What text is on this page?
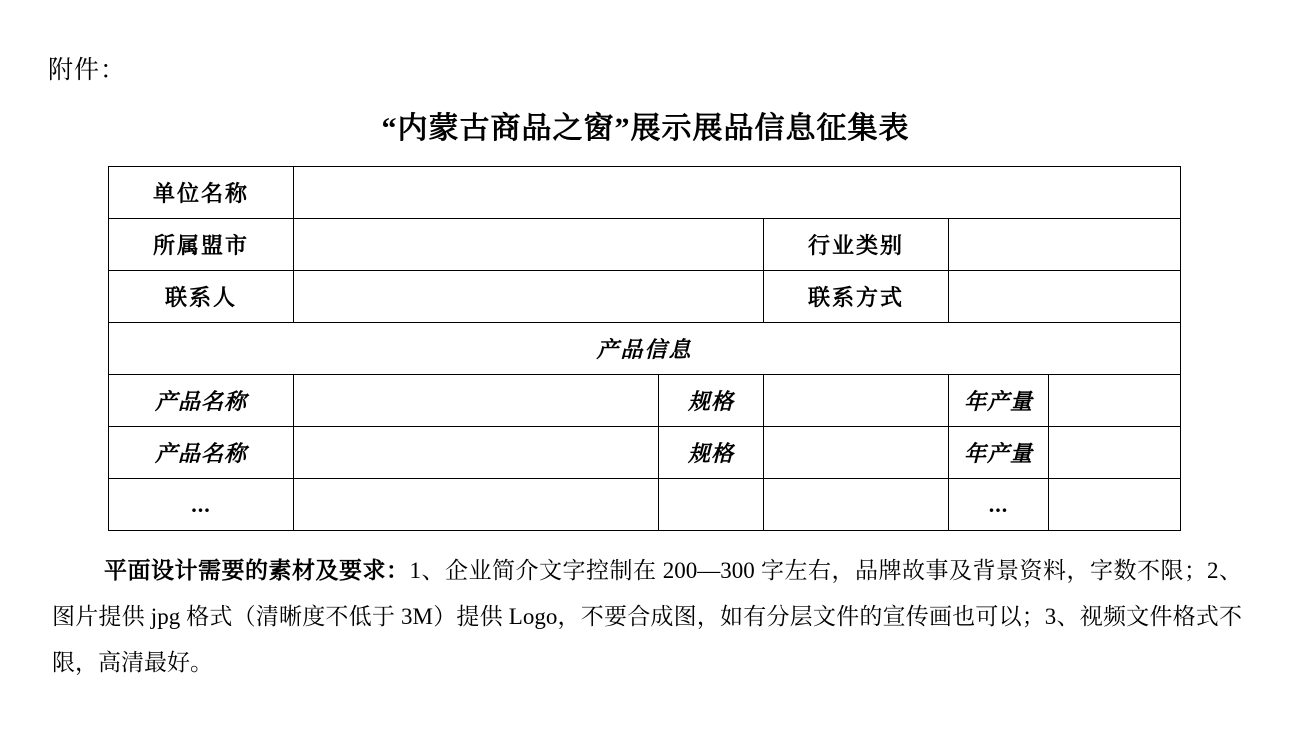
附件：
“内蒙古商品之窗”展示展品信息征集表
单位名称					
所属盟市			行业类别		
联系人			联系方式		
产品信息					
产品名称		规格		年产量	
产品名称		规格		年产量	
...				...	
平面设计需要的素材及要求：1、企业简介文字控制在 200—300 字左右，品牌故事及背景资料，字数不限；2、图片提供 jpg 格式（清晰度不低于 3M）提供 Logo，不要合成图，如有分层文件的宣传画也可以；3、视频文件格式不限，高清最好。
